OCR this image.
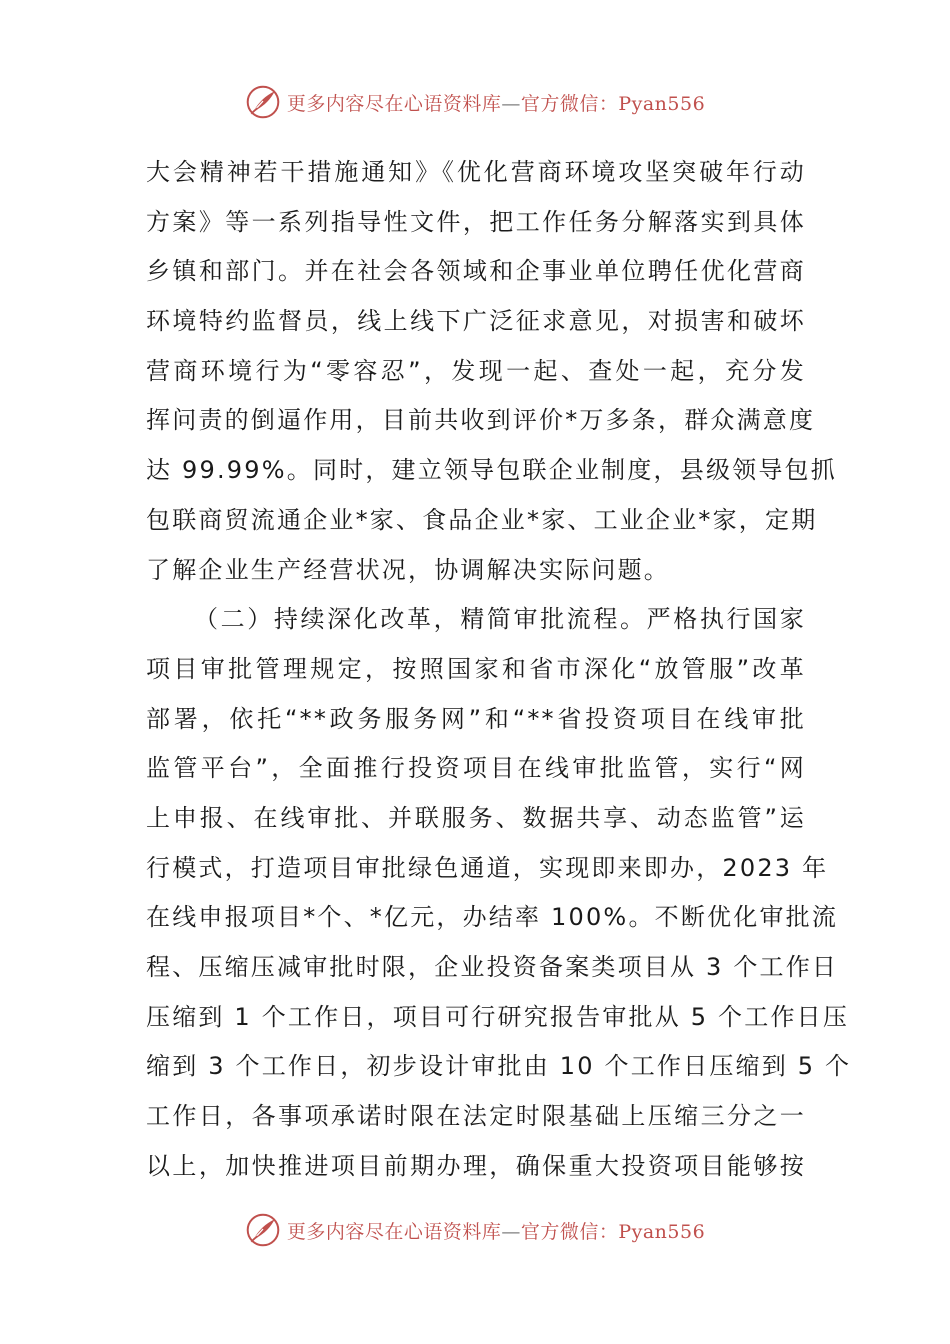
更多内容尽在心语资料库—官方微信：Pyan556
大会精神若干措施通知》《优化营商环境攻坚突破年行动
方案》等一系列指导性文件，把工作任务分解落实到具体
乡镇和部门。并在社会各领域和企事业单位聘任优化营商
环境特约监督员，线上线下广泛征求意见，对损害和破坏
营商环境行为“零容忍”，发现一起、查处一起，充分发
挥问责的倒逼作用，目前共收到评价*万多条，群众满意度
达 99.99%。同时，建立领导包联企业制度，县级领导包抓
包联商贸流通企业*家、食品企业*家、工业企业*家，定期
了解企业生产经营状况，协调解决实际问题。
（二）持续深化改革，精简审批流程。严格执行国家
项目审批管理规定，按照国家和省市深化“放管服”改革
部署，依托“**政务服务网”和“**省投资项目在线审批
监管平台”，全面推行投资项目在线审批监管，实行“网
上申报、在线审批、并联服务、数据共享、动态监管”运
行模式，打造项目审批绿色通道，实现即来即办，2023 年
在线申报项目*个、*亿元，办结率 100%。不断优化审批流
程、压缩压减审批时限，企业投资备案类项目从 3 个工作日
压缩到 1 个工作日，项目可行研究报告审批从 5 个工作日压
缩到 3 个工作日，初步设计审批由 10 个工作日压缩到 5 个
工作日，各事项承诺时限在法定时限基础上压缩三分之一
以上，加快推进项目前期办理，确保重大投资项目能够按
更多内容尽在心语资料库—官方微信：Pyan556
